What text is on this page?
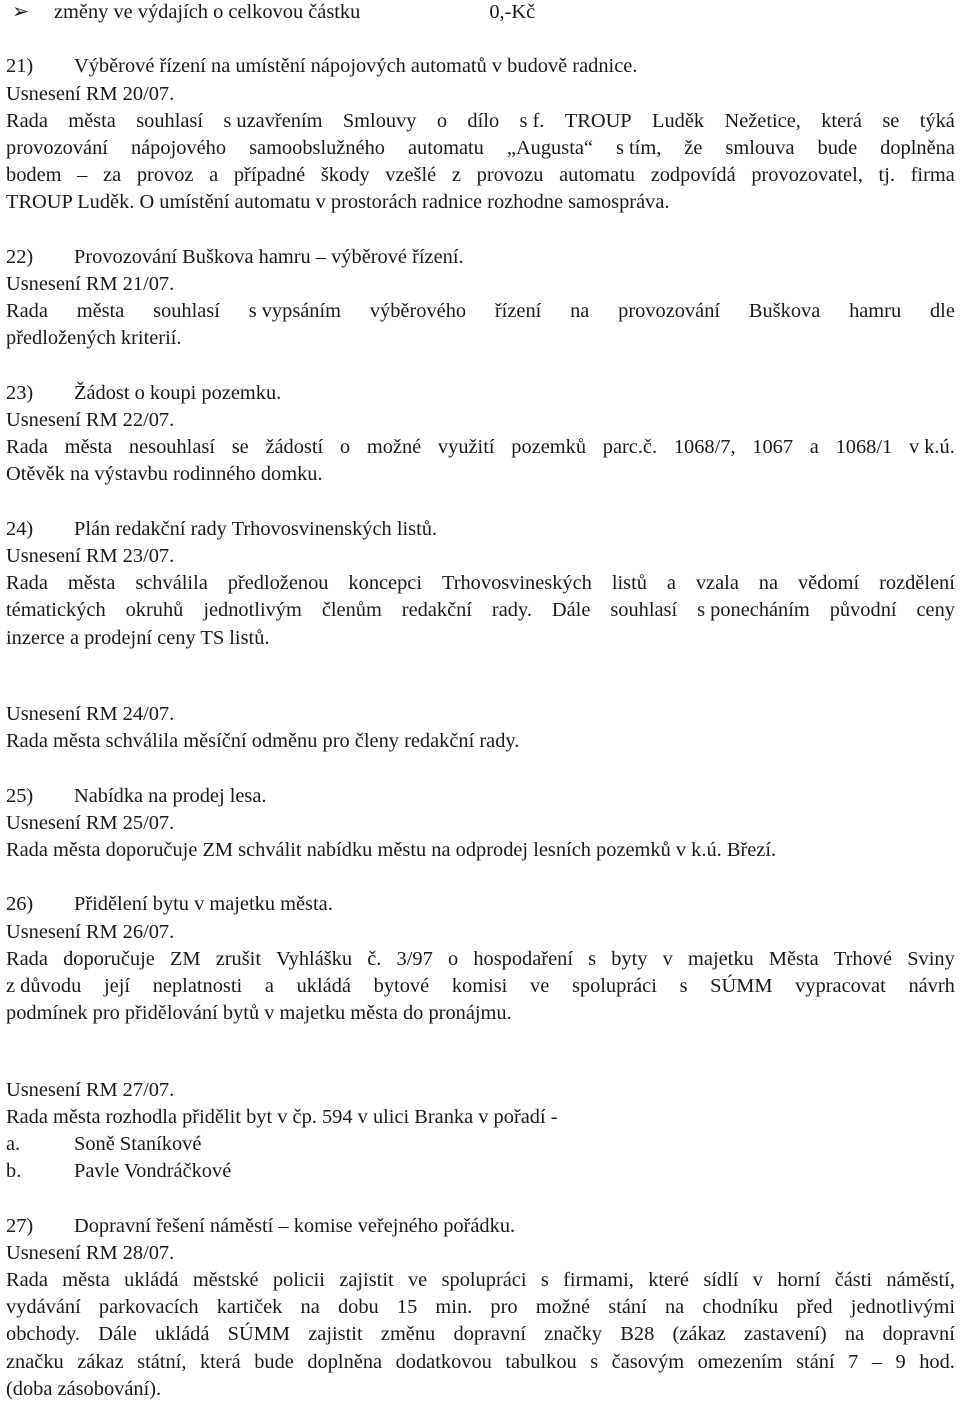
➢ změny ve výdajích o celkovou částku	0,-Kč
21) Výběrové řízení na umístění nápojových automatů v budově radnice.
Usnesení RM 20/07.
Rada města souhlasí s uzavřením Smlouvy o dílo s f. TROUP Luděk Nežetice, která se týká
provozování nápojového samoobslužného automatu „Augusta“ s tím, že smlouva bude doplněna
bodem – za provoz a případné škody vzešlé z provozu automatu zodpovídá provozovatel, tj. firma
TROUP Luděk. O umístění automatu v prostorách radnice rozhodne samospráva.
22) Provozování Buškova hamru – výběrové řízení.
Usnesení RM 21/07.
Rada města souhlasí s vypsáním výběrového řízení na provozování Buškova hamru dle
předložených kriterií.
23) Žádost o koupi pozemku.
Usnesení RM 22/07.
Rada města nesouhlasí se žádostí o možné využití pozemků parc.č. 1068/7, 1067 a 1068/1 v k.ú.
Otěvěk na výstavbu rodinného domku.
24) Plán redakční rady Trhovosvinenských listů.
Usnesení RM 23/07.
Rada města schválila předloženou koncepci Trhovosvineských listů a vzala na vědomí rozdělení
tématických okruhů jednotlivým členům redakční rady. Dále souhlasí s ponecháním původní ceny
inzerce a prodejní ceny TS listů.
Usnesení RM 24/07.
Rada města schválila měsíční odměnu pro členy redakční rady.
25) Nabídka na prodej lesa.
Usnesení RM 25/07.
Rada města doporučuje ZM schválit nabídku městu na odprodej lesních pozemků v k.ú. Březí.
26) Přidělení bytu v majetku města.
Usnesení RM 26/07.
Rada doporučuje ZM zrušit Vyhlášku č. 3/97 o hospodaření s byty v majetku Města Trhové Sviny
z důvodu její neplatnosti a ukládá bytové komisi ve spolupráci s SÚMM vypracovat návrh
podmínek pro přidělování bytů v majetku města do pronájmu.
Usnesení RM 27/07.
Rada města rozhodla přidělit byt v čp. 594 v ulici Branka v pořadí -
a.	Soně Staníkové
b.	Pavle Vondráčkové
27) Dopravní řešení náměstí – komise veřejného pořádku.
Usnesení RM 28/07.
Rada města ukládá městské policii zajistit ve spolupráci s firmami, které sídlí v horní části náměstí,
vydávání parkovacích kartiček na dobu 15 min. pro možné stání na chodníku před jednotlivými
obchody. Dále ukládá SÚMM zajistit změnu dopravní značky B28 (zákaz zastavení) na dopravní
značku zákaz státní, která bude doplněna dodatkovou tabulkou s časovým omezením stání 7 – 9 hod.
(doba zásobování).
